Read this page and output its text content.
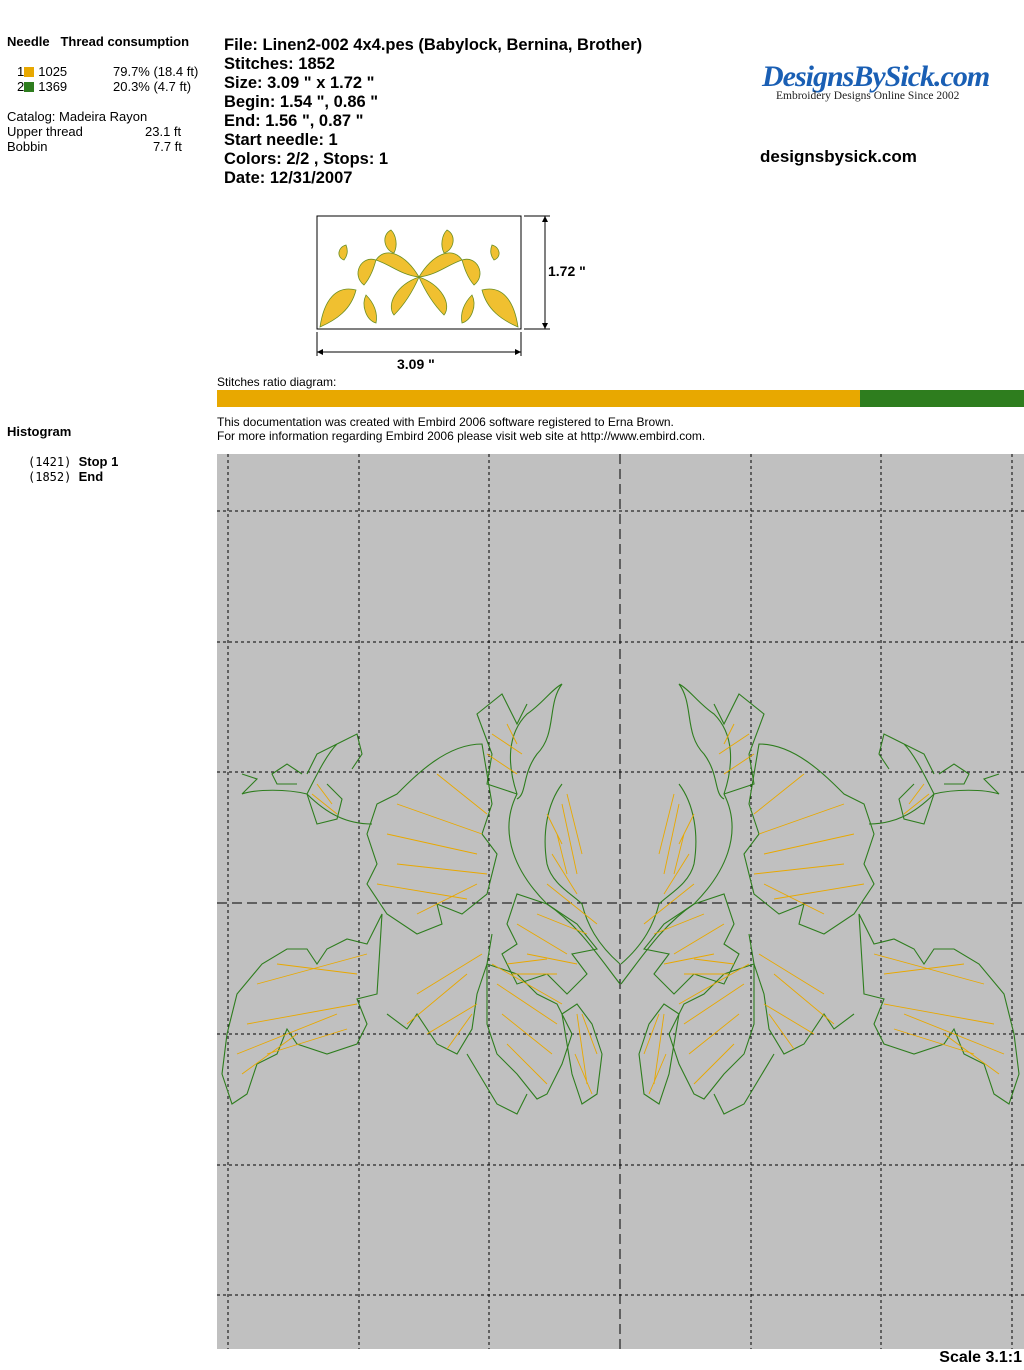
Needle Thread consumption
1 1025	79.7% (18.4 ft)
2 1369	20.3% (4.7 ft)
Catalog: Madeira Rayon
Upper thread	23.1 ft
Bobbin	7.7 ft
File: Linen2-002 4x4.pes (Babylock, Bernina, Brother)
Stitches: 1852
Size: 3.09 " x 1.72 "
Begin: 1.54 ", 0.86 "
End: 1.56 ", 0.87 "
Start needle: 1
Colors: 2/2 , Stops: 1
Date: 12/31/2007
DesignsBySick.com
Embroidery Designs Online Since 2002
designsbysick.com
1.72 "
3.09 "
Stitches ratio diagram:
This documentation was created with Embird 2006 software registered to Erna Brown.
For more information regarding Embird 2006 please visit web site at http://www.embird.com.
Histogram
(1421) Stop 1
(1852) End
Scale 3.1:1
